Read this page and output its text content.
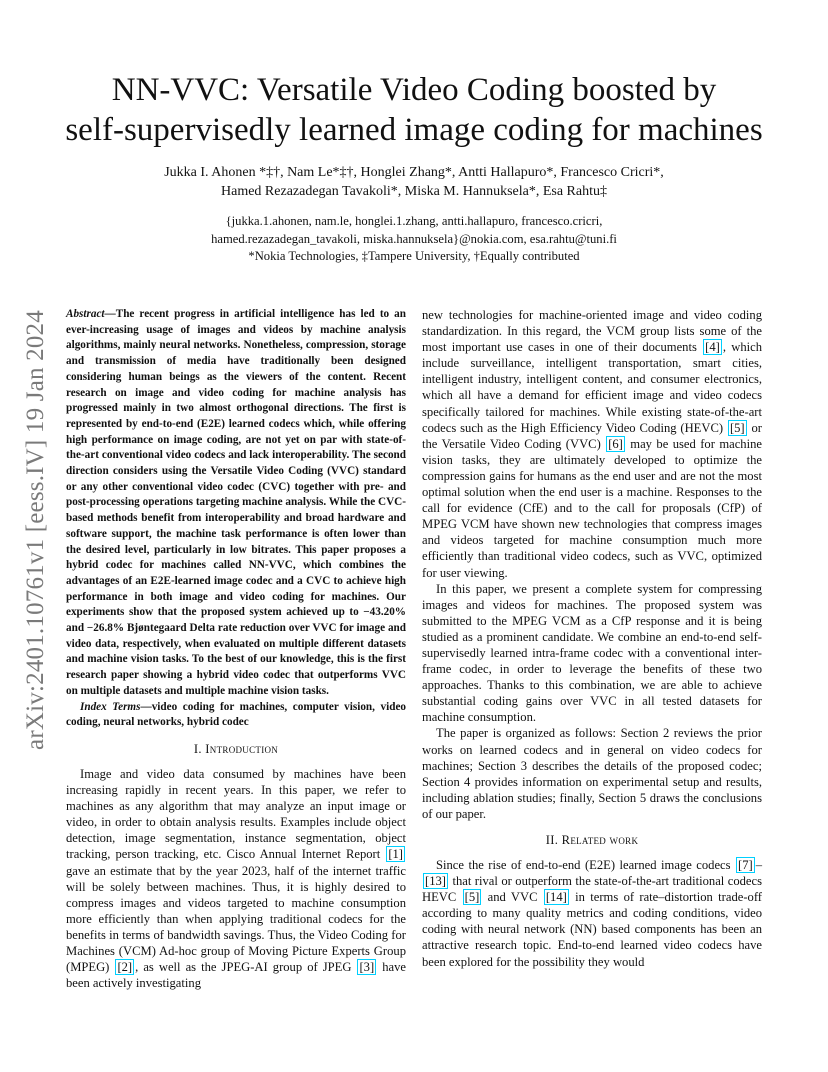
arXiv:2401.10761v1 [eess.IV] 19 Jan 2024
NN-VVC: Versatile Video Coding boosted by
self-supervisedly learned image coding for machines
Jukka I. Ahonen *‡†, Nam Le*‡†, Honglei Zhang*, Antti Hallapuro*, Francesco Cricri*,
Hamed Rezazadegan Tavakoli*, Miska M. Hannuksela*, Esa Rahtu‡
{jukka.1.ahonen, nam.le, honglei.1.zhang, antti.hallapuro, francesco.cricri,
hamed.rezazadegan_tavakoli, miska.hannuksela}@nokia.com, esa.rahtu@tuni.fi
*Nokia Technologies, ‡Tampere University, †Equally contributed

Abstract—The recent progress in artificial intelligence has led to an ever-increasing usage of images and videos by machine analysis algorithms, mainly neural networks. Nonetheless, compression, storage and transmission of media have traditionally been designed considering human beings as the viewers of the content. Recent research on image and video coding for machine analysis has progressed mainly in two almost orthogonal directions. The first is represented by end-to-end (E2E) learned codecs which, while offering high performance on image coding, are not yet on par with state-of-the-art conventional video codecs and lack interoperability. The second direction considers using the Versatile Video Coding (VVC) standard or any other conventional video codec (CVC) together with pre- and post-processing operations targeting machine analysis. While the CVC-based methods benefit from interoperability and broad hardware and software support, the machine task performance is often lower than the desired level, particularly in low bitrates. This paper proposes a hybrid codec for machines called NN-VVC, which combines the advantages of an E2E-learned image codec and a CVC to achieve high performance in both image and video coding for machines. Our experiments show that the proposed system achieved up to −43.20% and −26.8% Bjøntegaard Delta rate reduction over VVC for image and video data, respectively, when evaluated on multiple different datasets and machine vision tasks. To the best of our knowledge, this is the first research paper showing a hybrid video codec that outperforms VVC on multiple datasets and multiple machine vision tasks.

Index Terms—video coding for machines, computer vision, video coding, neural networks, hybrid codec

I. Introduction

Image and video data consumed by machines have been increasing rapidly in recent years. In this paper, we refer to machines as any algorithm that may analyze an input image or video, in order to obtain analysis results. Examples include object detection, image segmentation, instance segmentation, object tracking, person tracking, etc. Cisco Annual Internet Report [1] gave an estimate that by the year 2023, half of the internet traffic will be solely between machines. Thus, it is highly desired to compress images and videos targeted to machine consumption more efficiently than when applying traditional codecs for the benefits in terms of bandwidth savings. Thus, the Video Coding for Machines (VCM) Ad-hoc group of Moving Picture Experts Group (MPEG) [2] , as well as the JPEG-AI group of JPEG [3] have been actively investigating

new technologies for machine-oriented image and video coding standardization. In this regard, the VCM group lists some of the most important use cases in one of their documents [4] , which include surveillance, intelligent transportation, smart cities, intelligent industry, intelligent content, and consumer electronics, which all have a demand for efficient image and video codecs specifically tailored for machines. While existing state-of-the-art codecs such as the High Efficiency Video Coding (HEVC) [5] or the Versatile Video Coding (VVC) [6] may be used for machine vision tasks, they are ultimately developed to optimize the compression gains for humans as the end user and are not the most optimal solution when the end user is a machine. Responses to the call for evidence (CfE) and to the call for proposals (CfP) of MPEG VCM have shown new technologies that compress images and videos targeted for machine consumption much more efficiently than traditional video codecs, such as VVC, optimized for user viewing.

In this paper, we present a complete system for compressing images and videos for machines. The proposed system was submitted to the MPEG VCM as a CfP response and it is being studied as a prominent candidate. We combine an end-to-end self-supervisedly learned intra-frame codec with a conventional inter-frame codec, in order to leverage the benefits of these two approaches. Thanks to this combination, we are able to achieve substantial coding gains over VVC in all tested datasets for machine consumption.

The paper is organized as follows: Section 2 reviews the prior works on learned codecs and in general on video codecs for machines; Section 3 describes the details of the proposed codec; Section 4 provides information on experimental setup and results, including ablation studies; finally, Section 5 draws the conclusions of our paper.

II. Related work

Since the rise of end-to-end (E2E) learned image codecs [7] –[13] that rival or outperform the state-of-the-art traditional codecs HEVC [5] and VVC [14] in terms of rate–distortion trade-off according to many quality metrics and coding conditions, video coding with neural network (NN) based components has been an attractive research topic. End-to-end learned video codecs have been explored for the possibility they would
